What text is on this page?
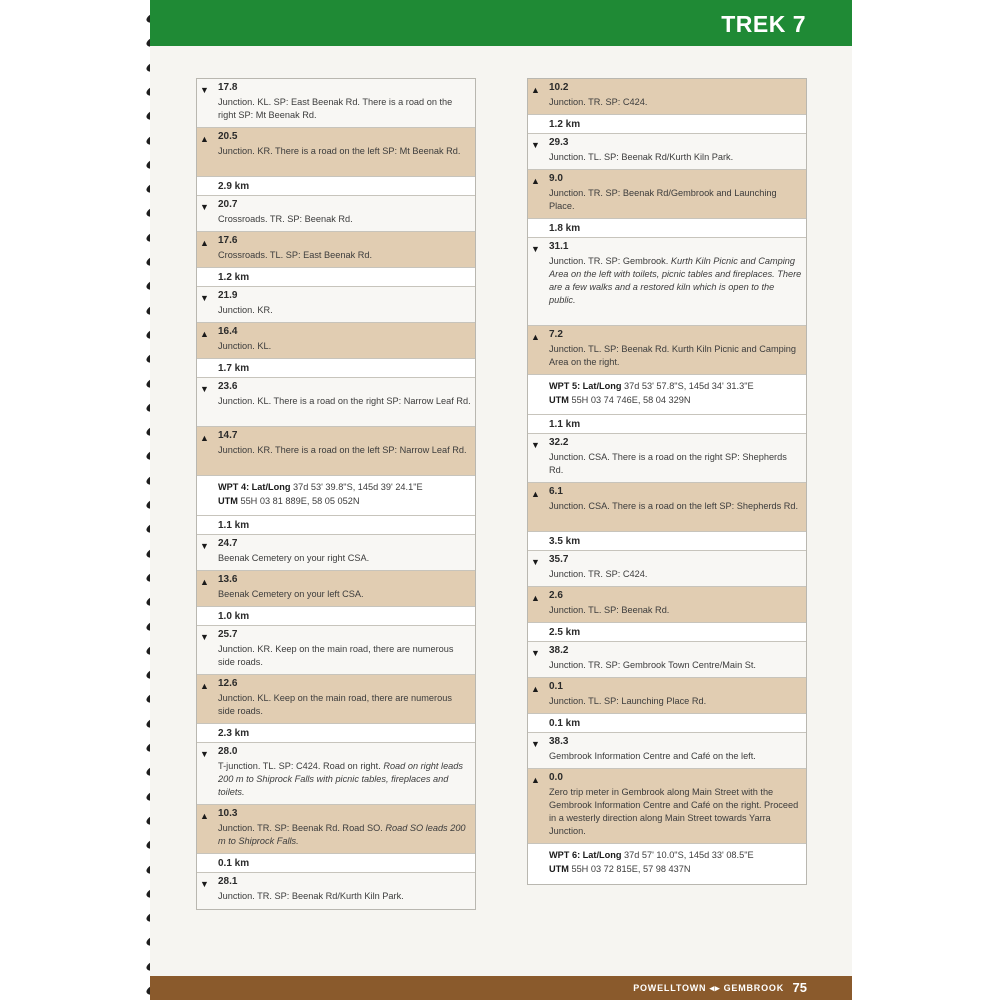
TREK 7
▼ 17.8
Junction. KL. SP: East Beenak Rd. There is a road on the right SP: Mt Beenak Rd.
▲ 20.5
Junction. KR. There is a road on the left SP: Mt Beenak Rd.
2.9 km
▼ 20.7
Crossroads. TR. SP: Beenak Rd.
▲ 17.6
Crossroads. TL. SP: East Beenak Rd.
1.2 km
▼ 21.9
Junction. KR.
▲ 16.4
Junction. KL.
1.7 km
▼ 23.6
Junction. KL. There is a road on the right SP: Narrow Leaf Rd.
▲ 14.7
Junction. KR. There is a road on the left SP: Narrow Leaf Rd.
WPT 4: Lat/Long 37d 53' 39.8"S, 145d 39' 24.1"E
UTM 55H 03 81 889E, 58 05 052N
1.1 km
▼ 24.7
Beenak Cemetery on your right CSA.
▲ 13.6
Beenak Cemetery on your left CSA.
1.0 km
▼ 25.7
Junction. KR. Keep on the main road, there are numerous side roads.
▲ 12.6
Junction. KL. Keep on the main road, there are numerous side roads.
2.3 km
▼ 28.0
T-junction. TL. SP: C424. Road on right. Road on right leads 200 m to Shiprock Falls with picnic tables, fireplaces and toilets.
▲ 10.3
Junction. TR. SP: Beenak Rd. Road SO. Road SO leads 200 m to Shiprock Falls.
0.1 km
▼ 28.1
Junction. TR. SP: Beenak Rd/Kurth Kiln Park.
▲ 10.2
Junction. TR. SP: C424.
1.2 km
▼ 29.3
Junction. TL. SP: Beenak Rd/Kurth Kiln Park.
▲ 9.0
Junction. TR. SP: Beenak Rd/Gembrook and Launching Place.
1.8 km
▼ 31.1
Junction. TR. SP: Gembrook. Kurth Kiln Picnic and Camping Area on the left with toilets, picnic tables and fireplaces. There are a few walks and a restored kiln which is open to the public.
▲ 7.2
Junction. TL. SP: Beenak Rd. Kurth Kiln Picnic and Camping Area on the right.
WPT 5: Lat/Long 37d 53' 57.8"S, 145d 34' 31.3"E
UTM 55H 03 74 746E, 58 04 329N
1.1 km
▼ 32.2
Junction. CSA. There is a road on the right SP: Shepherds Rd.
▲ 6.1
Junction. CSA. There is a road on the left SP: Shepherds Rd.
3.5 km
▼ 35.7
Junction. TR. SP: C424.
▲ 2.6
Junction. TL. SP: Beenak Rd.
2.5 km
▼ 38.2
Junction. TR. SP: Gembrook Town Centre/Main St.
▲ 0.1
Junction. TL. SP: Launching Place Rd.
0.1 km
▼ 38.3
Gembrook Information Centre and Café on the left.
▲ 0.0
Zero trip meter in Gembrook along Main Street with the Gembrook Information Centre and Café on the right. Proceed in a westerly direction along Main Street towards Yarra Junction.
WPT 6: Lat/Long 37d 57' 10.0"S, 145d 33' 08.5"E
UTM 55H 03 72 815E, 57 98 437N
POWELLTOWN ◂▸ GEMBROOK 75
